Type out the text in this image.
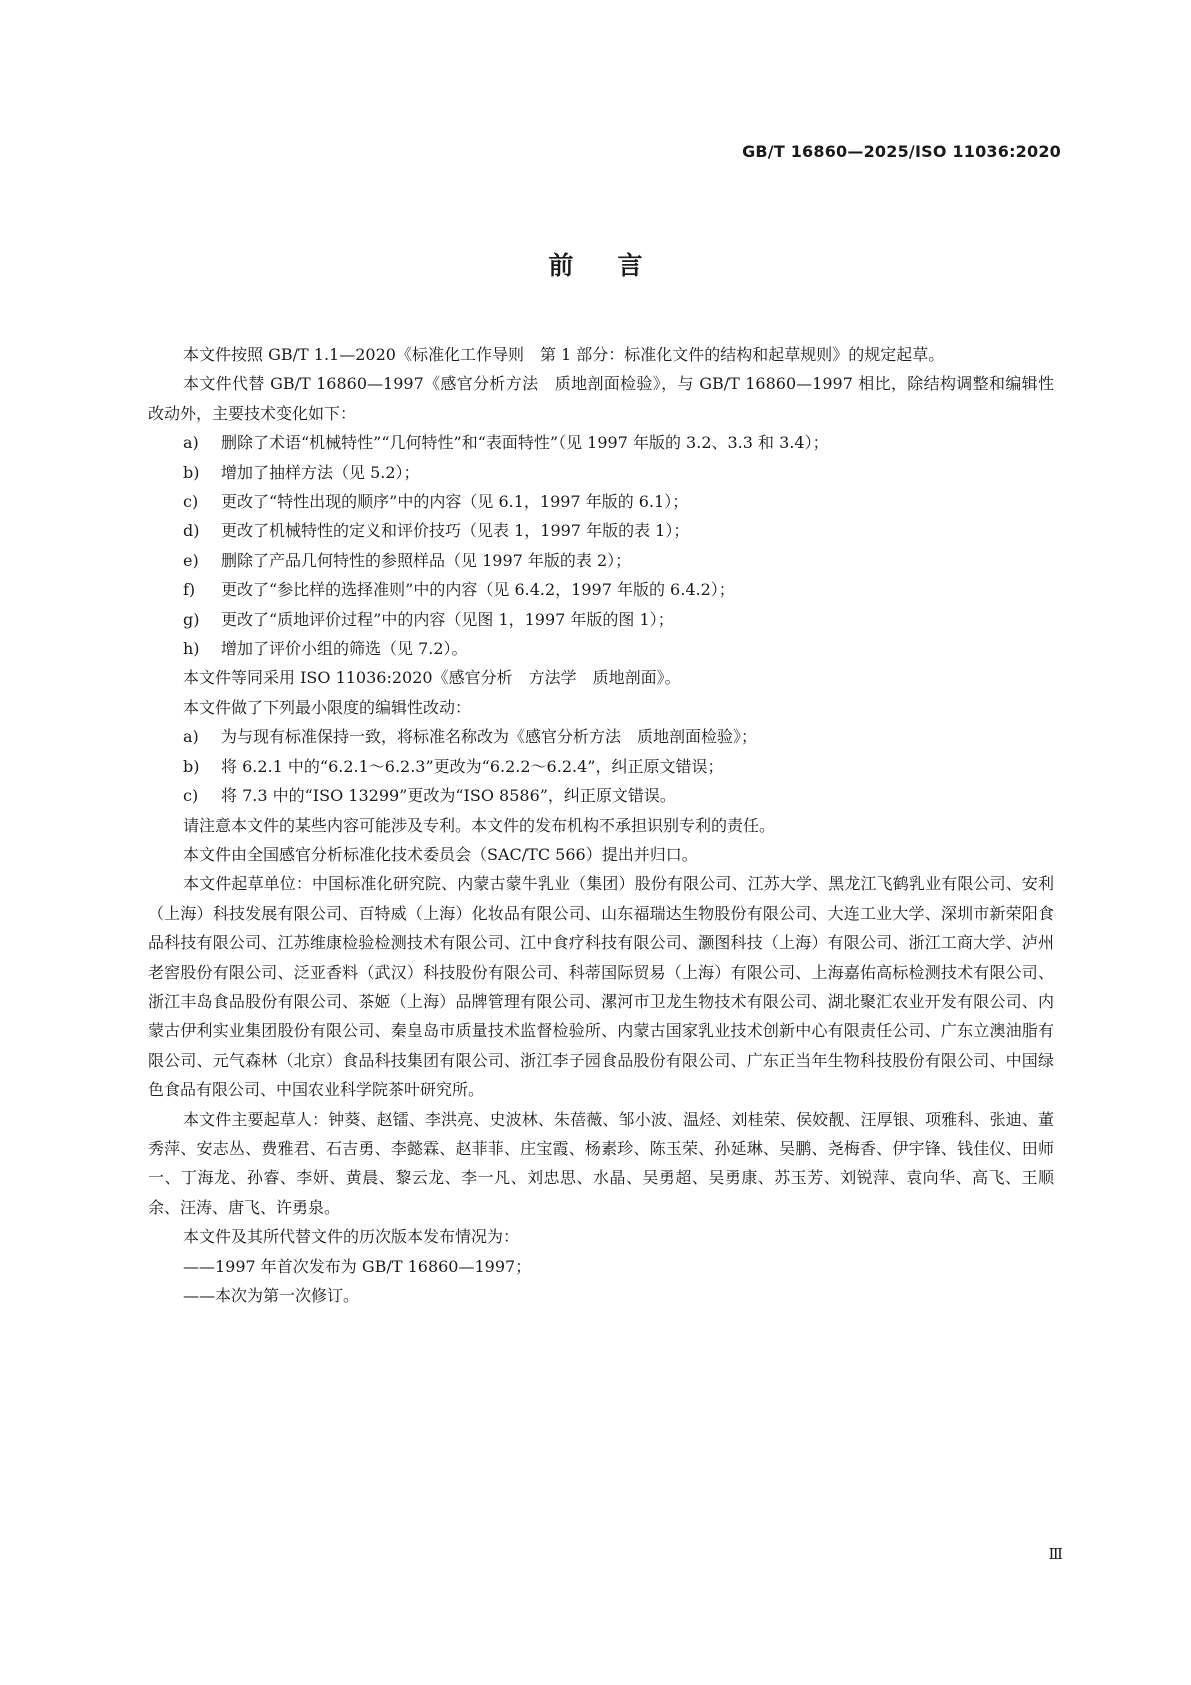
GB/T 16860—2025/ISO 11036:2020
前言

本文件按照 GB/T 1.1—2020《标准化工作导则　第 1 部分：标准化文件的结构和起草规则》的规定起草。

本文件代替 GB/T 16860—1997《感官分析方法　质地剖面检验》，与 GB/T 16860—1997 相比，除结构调整和编辑性改动外，主要技术变化如下：

a) 删除了术语“机械特性”“几何特性”和“表面特性”（见 1997 年版的 3.2、3.3 和 3.4）；

b) 增加了抽样方法（见 5.2）；

c) 更改了“特性出现的顺序”中的内容（见 6.1，1997 年版的 6.1）；

d) 更改了机械特性的定义和评价技巧（见表 1，1997 年版的表 1）；

e) 删除了产品几何特性的参照样品（见 1997 年版的表 2）；

f) 更改了“参比样的选择准则”中的内容（见 6.4.2，1997 年版的 6.4.2）；

g) 更改了“质地评价过程”中的内容（见图 1，1997 年版的图 1）；

h) 增加了评价小组的筛选（见 7.2）。

本文件等同采用 ISO 11036:2020《感官分析　方法学　质地剖面》。

本文件做了下列最小限度的编辑性改动：

a) 为与现有标准保持一致，将标准名称改为《感官分析方法　质地剖面检验》；

b) 将 6.2.1 中的“6.2.1～6.2.3”更改为“6.2.2～6.2.4”，纠正原文错误；

c) 将 7.3 中的“ISO 13299”更改为“ISO 8586”，纠正原文错误。

请注意本文件的某些内容可能涉及专利。本文件的发布机构不承担识别专利的责任。

本文件由全国感官分析标准化技术委员会（SAC/TC 566）提出并归口。

本文件起草单位：中国标准化研究院、内蒙古蒙牛乳业（集团）股份有限公司、江苏大学、黑龙江飞鹤乳业有限公司、安利（上海）科技发展有限公司、百特威（上海）化妆品有限公司、山东福瑞达生物股份有限公司、大连工业大学、深圳市新荣阳食品科技有限公司、江苏维康检验检测技术有限公司、江中食疗科技有限公司、灏图科技（上海）有限公司、浙江工商大学、泸州老窖股份有限公司、泛亚香料（武汉）科技股份有限公司、科蒂国际贸易（上海）有限公司、上海嘉佑高标检测技术有限公司、浙江丰岛食品股份有限公司、茶姬（上海）品牌管理有限公司、漯河市卫龙生物技术有限公司、湖北聚汇农业开发有限公司、内蒙古伊利实业集团股份有限公司、秦皇岛市质量技术监督检验所、内蒙古国家乳业技术创新中心有限责任公司、广东立澳油脂有限公司、元气森林（北京）食品科技集团有限公司、浙江李子园食品股份有限公司、广东正当年生物科技股份有限公司、中国绿色食品有限公司、中国农业科学院茶叶研究所。

本文件主要起草人：钟葵、赵镭、李洪亮、史波林、朱蓓薇、邹小波、温烃、刘桂荣、侯姣靓、汪厚银、项雅科、张迪、董秀萍、安志丛、费雅君、石吉勇、李懿霖、赵菲菲、庄宝霞、杨素珍、陈玉荣、孙延琳、吴鹏、尧梅香、伊宇锋、钱佳仪、田师一、丁海龙、孙睿、李妍、黄晨、黎云龙、李一凡、刘忠思、水晶、吴勇超、吴勇康、苏玉芳、刘锐萍、袁向华、高飞、王顺余、汪涛、唐飞、许勇泉。

本文件及其所代替文件的历次版本发布情况为：

——1997 年首次发布为 GB/T 16860—1997；

——本次为第一次修订。

Ⅲ
